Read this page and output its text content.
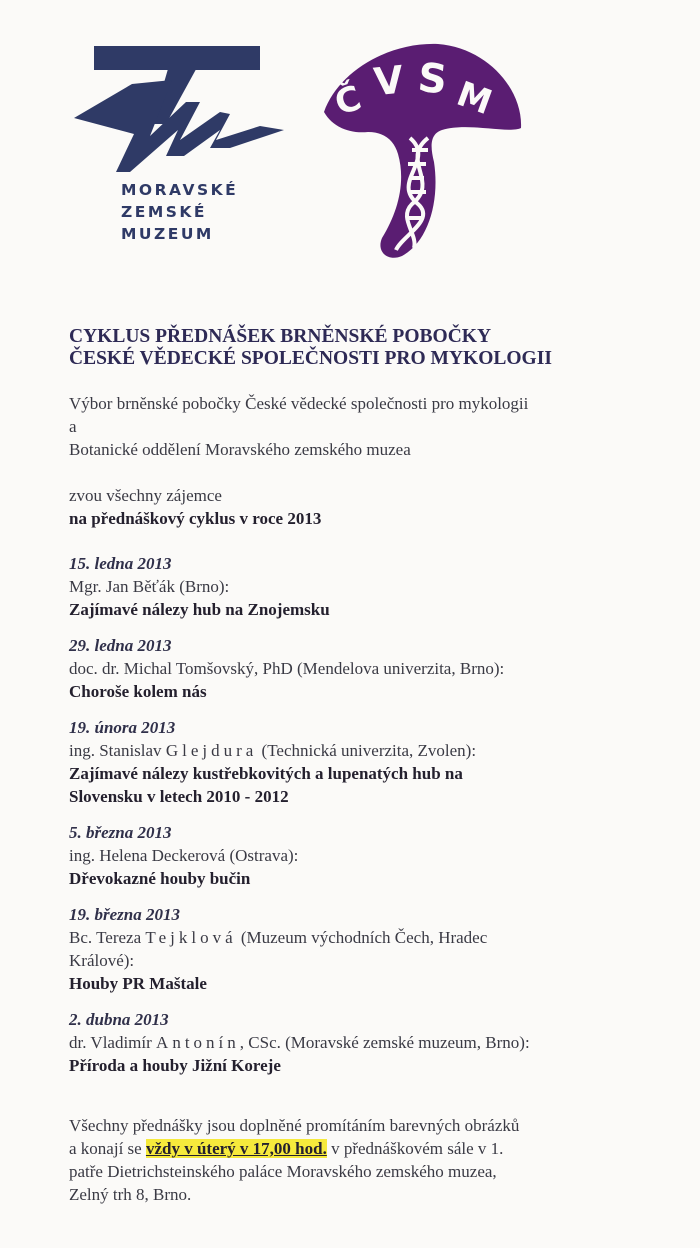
MORAVSKÉ
ZEMSKÉ
MUZEUM
Č V S M
CYKLUS PŘEDNÁŠEK BRNĚNSKÉ POBOČKY
ČESKÉ VĚDECKÉ SPOLEČNOSTI PRO MYKOLOGII

Výbor brněnské pobočky České vědecké společnosti pro mykologii

a

Botanické oddělení Moravského zemského muzea

zvou všechny zájemce

na přednáškový cyklus v roce 2013

15. ledna 2013
Mgr. Jan Běťák (Brno):
Zajímavé nálezy hub na Znojemsku
29. ledna 2013
doc. dr. Michal Tomšovský, PhD (Mendelova univerzita, Brno):
Choroše kolem nás
19. února 2013
ing. Stanislav Glejdura (Technická univerzita, Zvolen):
Zajímavé nálezy kustřebkovitých a lupenatých hub na
Slovensku v letech 2010 - 2012
5. března 2013
ing. Helena Deckerová (Ostrava):
Dřevokazné houby bučin
19. března 2013
Bc. Tereza Tejklová (Muzeum východních Čech, Hradec
Králové):
Houby PR Maštale
2. dubna 2013
dr. Vladimír Antonín, CSc. (Moravské zemské muzeum, Brno):
Příroda a houby Jižní Koreje
Všechny přednášky jsou doplněné promítáním barevných obrázků
a konají se vždy v úterý v 17,00 hod. v přednáškovém sále v 1.
patře Dietrichsteinského paláce Moravského zemského muzea,
Zelný trh 8, Brno.
